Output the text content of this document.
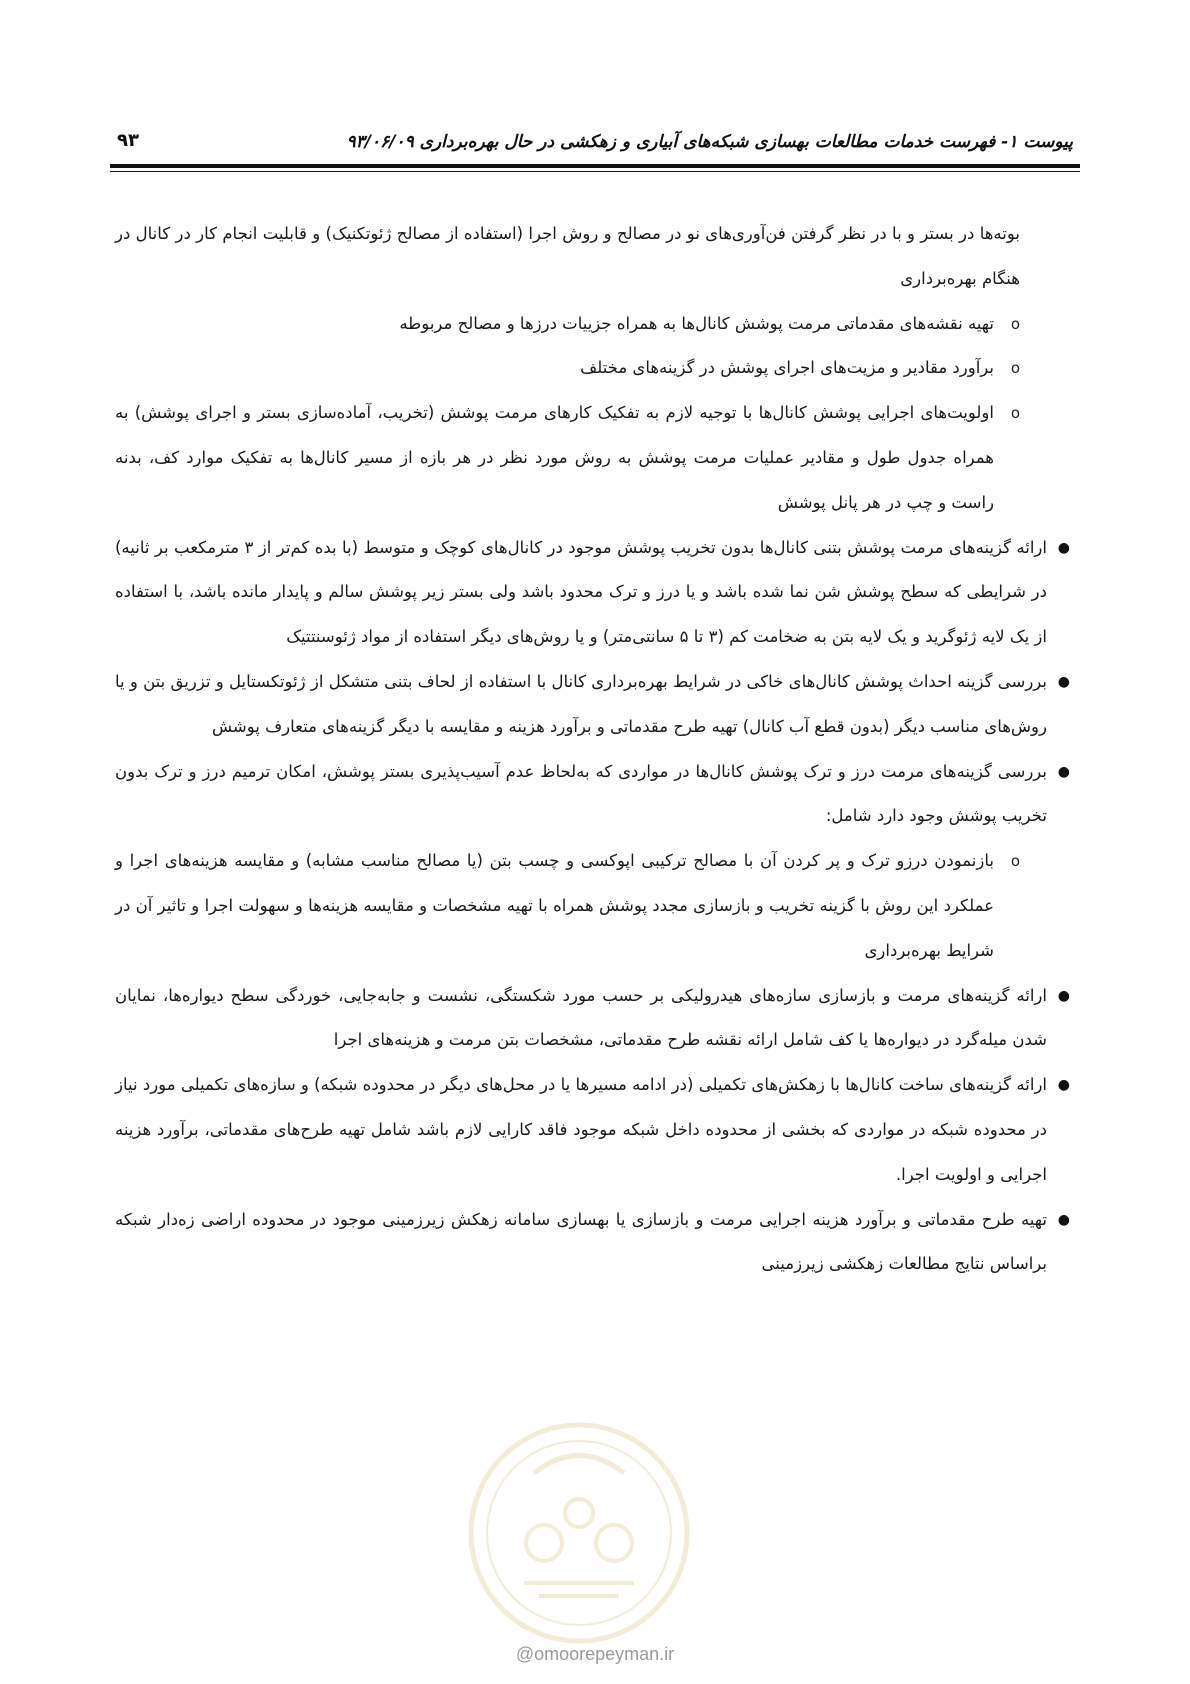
پیوست ۱- فهرست خدمات مطالعات بهسازی شبکه‌های آبیاری و زهکشی در حال بهره‌برداری ۹۳/۰۶/۰۹
۹۳
بوته‌ها در بستر و با در نظر گرفتن فن‌آوری‌های نو در مصالح و روش اجرا (استفاده از مصالح ژئوتکنیک) و قابلیت انجام کار در کانال در هنگام بهره‌برداری
o
تهیه نقشه‌های مقدماتی مرمت پوشش کانال‌ها به همراه جزییات درزها و مصالح مربوطه
o
برآورد مقادیر و مزیت‌های اجرای پوشش در گزینه‌های مختلف
o
اولویت‌های اجرایی پوشش کانال‌ها با توجیه لازم به تفکیک کارهای مرمت پوشش (تخریب، آماده‌سازی بستر و اجرای پوشش) به همراه جدول طول و مقادیر عملیات مرمت پوشش به روش مورد نظر در هر بازه از مسیر کانال‌ها به تفکیک موارد کف، بدنه راست و چپ در هر پانل پوشش
●
ارائه گزینه‌های مرمت پوشش بتنی کانال‌ها بدون تخریب پوشش موجود در کانال‌های کوچک و متوسط (با بده کم‌تر از ۳ مترمکعب بر ثانیه) در شرایطی که سطح پوشش شن نما شده باشد و یا درز و ترک محدود باشد ولی بستر زیر پوشش سالم و پایدار مانده باشد، با استفاده از یک لایه ژئوگرید و یک لایه بتن به ضخامت کم (۳ تا ۵ سانتی‌متر) و یا روش‌های دیگر استفاده از مواد ژئوسنتتیک
●
بررسی گزینه احداث پوشش کانال‌های خاکی در شرایط بهره‌برداری کانال با استفاده از لحاف بتنی متشکل از ژئوتکستایل و تزریق بتن و یا روش‌های مناسب دیگر (بدون قطع آب کانال) تهیه طرح مقدماتی و برآورد هزینه و مقایسه با دیگر گزینه‌های متعارف پوشش
●
بررسی گزینه‌های مرمت درز و ترک پوشش کانال‌ها در مواردی که به‌لحاظ عدم آسیب‌پذیری بستر پوشش، امکان ترمیم درز و ترک بدون تخریب پوشش وجود دارد شامل:
o
بازنمودن درزو ترک و پر کردن آن با مصالح ترکیبی اپوکسی و چسب بتن (یا مصالح مناسب مشابه) و مقایسه هزینه‌های اجرا و عملکرد این روش با گزینه تخریب و بازسازی مجدد پوشش همراه با تهیه مشخصات و مقایسه هزینه‌ها و سهولت اجرا و تاثیر آن در شرایط بهره‌برداری
●
ارائه گزینه‌های مرمت و بازسازی سازه‌های هیدرولیکی بر حسب مورد شکستگی، نشست و جابه‌جایی، خوردگی سطح دیواره‌ها، نمایان شدن میله‌گرد در دیواره‌ها یا کف شامل ارائه نقشه طرح مقدماتی، مشخصات بتن مرمت و هزینه‌های اجرا
●
ارائه گزینه‌های ساخت کانال‌ها با زهکش‌های تکمیلی (در ادامه مسیرها یا در محل‌های دیگر در محدوده شبکه) و سازه‌های تکمیلی مورد نیاز در محدوده شبکه در مواردی که بخشی از محدوده داخل شبکه موجود فاقد کارایی لازم باشد شامل تهیه طرح‌های مقدماتی، برآورد هزینه اجرایی و اولویت اجرا.
●
تهیه طرح مقدماتی و برآورد هزینه اجرایی مرمت و بازسازی یا بهسازی سامانه زهکش زیرزمینی موجود در محدوده اراضی زه‌دار شبکه براساس نتایج مطالعات زهکشی زیرزمینی
@omoorepeyman.ir
